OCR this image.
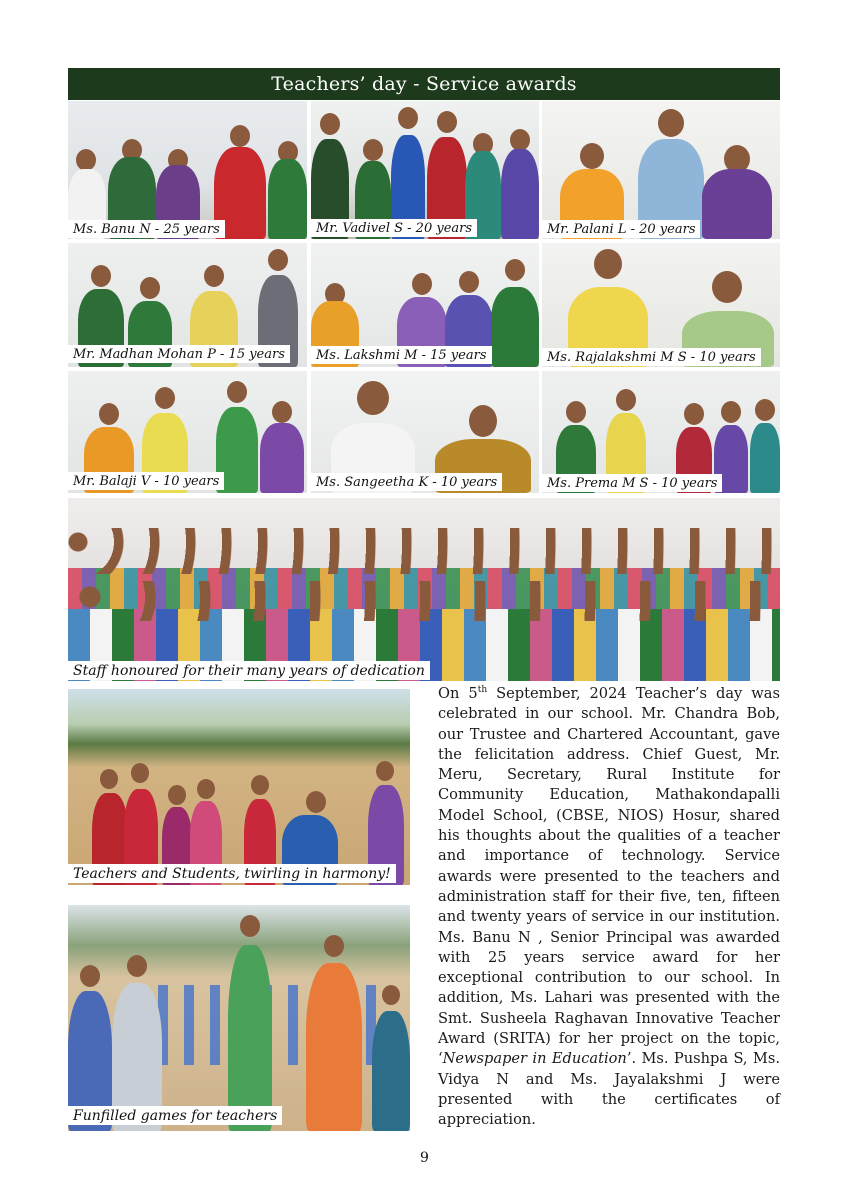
Teachers’ day - Service awards
Ms. Banu N - 25 years	Mr. Vadivel S - 20 years	Mr. Palani L - 20 years
Mr. Madhan Mohan P - 15 years	Ms. Lakshmi M - 15 years	Ms. Rajalakshmi M S - 10 years
Mr. Balaji V - 10 years	Ms. Sangeetha K - 10 years	Ms. Prema M S - 10 years
Staff honoured for their many years of dedication
Teachers and Students, twirling in harmony!
Funfilled games for teachers
On 5th September, 2024 Teacher’s day was celebrated in our school. Mr. Chandra Bob, our Trustee and Chartered Accountant, gave the felicitation address. Chief Guest, Mr. Meru, Secretary, Rural Institute for Community Education, Mathakondapalli Model School, (CBSE, NIOS) Hosur, shared his thoughts about the qualities of a teacher and importance of technology. Service awards were presented to the teachers and administration staff for their five, ten, fifteen and twenty years of service in our institution. Ms. Banu N , Senior Principal was awarded with 25 years service award for her exceptional contribution to our school. In addition, Ms. Lahari was presented with the Smt. Susheela Raghavan Innovative Teacher Award (SRITA) for her project on the topic, ‘Newspaper in Education’. Ms. Pushpa S, Ms. Vidya N and Ms. Jayalakshmi J were presented with the certificates of appreciation.
9
